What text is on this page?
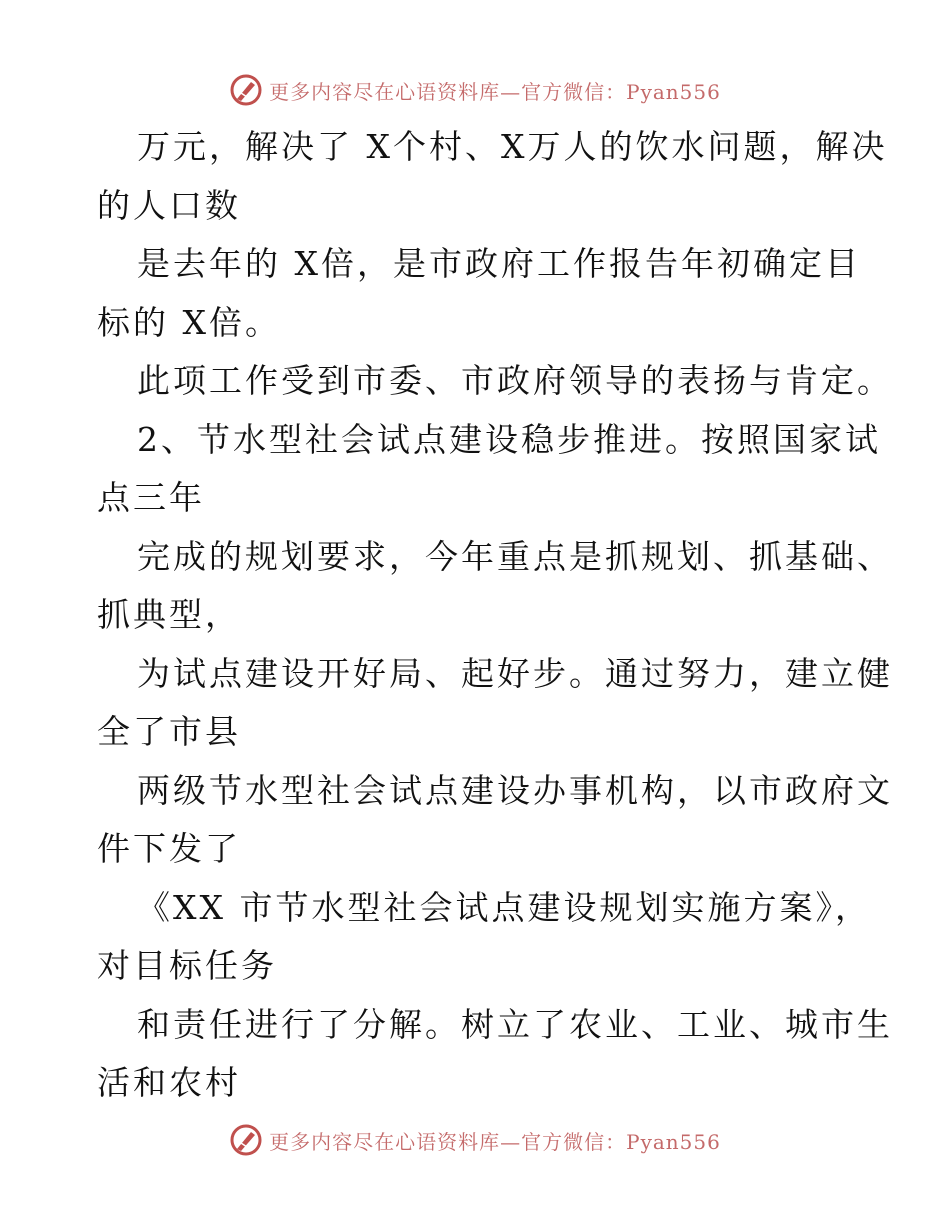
更多内容尽在心语资料库—官方微信：Pyan556
万元，解决了 X个村、X万人的饮水问题，解决
的人口数
是去年的 X倍，是市政府工作报告年初确定目
标的 X倍。
此项工作受到市委、市政府领导的表扬与肯定。
2、节水型社会试点建设稳步推进。按照国家试
点三年
完成的规划要求，今年重点是抓规划、抓基础、
抓典型，
为试点建设开好局、起好步。通过努力，建立健
全了市县
两级节水型社会试点建设办事机构，以市政府文
件下发了
《XX 市节水型社会试点建设规划实施方案》，
对目标任务
和责任进行了分解。树立了农业、工业、城市生
活和农村
更多内容尽在心语资料库—官方微信：Pyan556
